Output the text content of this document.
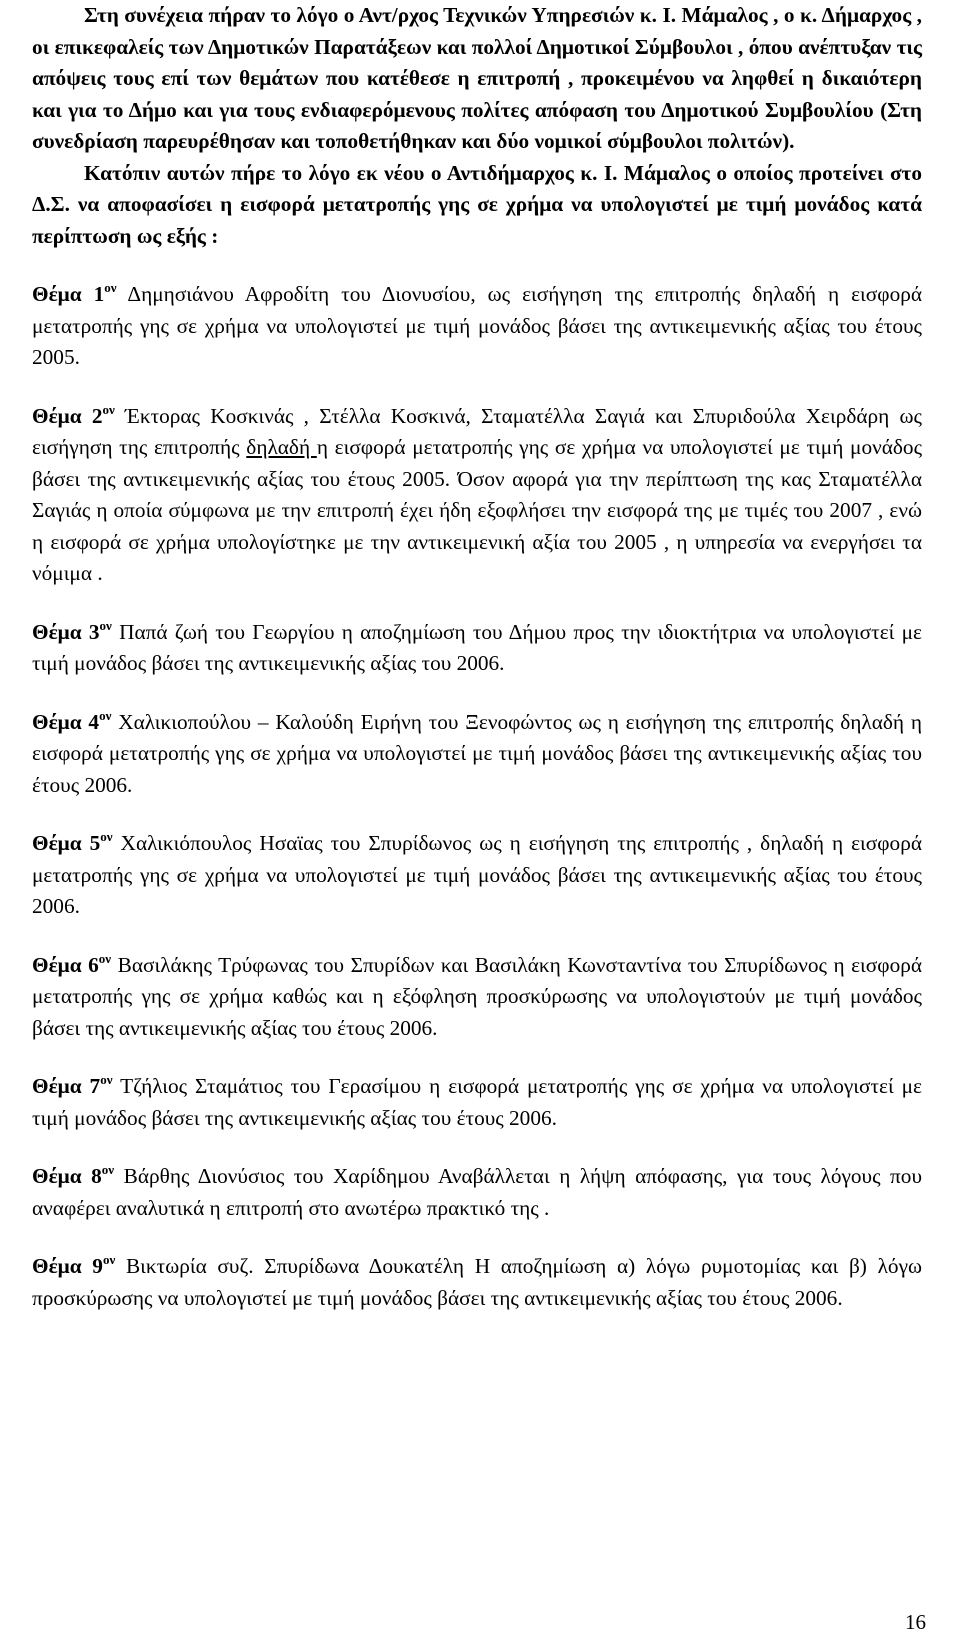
Στη συνέχεια πήραν το λόγο ο Αντ/ρχος Τεχνικών Υπηρεσιών κ. Ι. Μάμαλος , ο κ. Δήμαρχος , οι επικεφαλείς των Δημοτικών Παρατάξεων και πολλοί Δημοτικοί Σύμβουλοι , όπου ανέπτυξαν τις απόψεις τους επί των θεμάτων που κατέθεσε η επιτροπή , προκειμένου να ληφθεί η δικαιότερη και για το Δήμο και για τους ενδιαφερόμενους πολίτες απόφαση του Δημοτικού Συμβουλίου (Στη συνεδρίαση παρευρέθησαν και τοποθετήθηκαν και δύο νομικοί σύμβουλοι πολιτών).

Κατόπιν αυτών πήρε το λόγο εκ νέου ο Αντιδήμαρχος κ. Ι. Μάμαλος ο οποίος προτείνει στο Δ.Σ. να αποφασίσει η εισφορά μετατροπής γης σε χρήμα να υπολογιστεί με τιμή μονάδος κατά περίπτωση ως εξής :

Θέμα $1^{o\nu}$ Δημησιάνου Αφροδίτη του Διονυσίου, ως εισήγηση της επιτροπής δηλαδή η εισφορά μετατροπής γης σε χρήμα να υπολογιστεί με τιμή μονάδος βάσει της αντικειμενικής αξίας του έτους 2005.

Θέμα $2^{o\nu}$ Έκτορας Κοσκινάς , Στέλλα Κοσκινά, Σταματέλλα Σαγιά και Σπυριδούλα Χειρδάρη ως εισήγηση της επιτροπής δηλαδή η εισφορά μετατροπής γης σε χρήμα να υπολογιστεί με τιμή μονάδος βάσει της αντικειμενικής αξίας του έτους 2005. Όσον αφορά για την περίπτωση της κας Σταματέλλα Σαγιάς η οποία σύμφωνα με την επιτροπή έχει ήδη εξοφλήσει την εισφορά της με τιμές του 2007 , ενώ η εισφορά σε χρήμα υπολογίστηκε με την αντικειμενική αξία του 2005 , η υπηρεσία να ενεργήσει τα νόμιμα .

Θέμα $3^{o\nu}$ Παπά ζωή του Γεωργίου η αποζημίωση του Δήμου προς την ιδιοκτήτρια να υπολογιστεί με τιμή μονάδος βάσει της αντικειμενικής αξίας του 2006.

Θέμα $4^{o\nu}$ Χαλικιοπούλου – Καλούδη Ειρήνη του Ξενοφώντος ως η εισήγηση της επιτροπής δηλαδή η εισφορά μετατροπής γης σε χρήμα να υπολογιστεί με τιμή μονάδος βάσει της αντικειμενικής αξίας του έτους 2006.

Θέμα $5^{o\nu}$ Χαλικιόπουλος Ησαϊας του Σπυρίδωνος ως η εισήγηση της επιτροπής , δηλαδή η εισφορά μετατροπής γης σε χρήμα να υπολογιστεί με τιμή μονάδος βάσει της αντικειμενικής αξίας του έτους 2006.

Θέμα $6^{o\nu}$ Βασιλάκης Τρύφωνας του Σπυρίδων και Βασιλάκη Κωνσταντίνα του Σπυρίδωνος η εισφορά μετατροπής γης σε χρήμα καθώς και η εξόφληση προσκύρωσης να υπολογιστούν με τιμή μονάδος βάσει της αντικειμενικής αξίας του έτους 2006.

Θέμα $7^{o\nu}$ Τζήλιος Σταμάτιος του Γερασίμου η εισφορά μετατροπής γης σε χρήμα να υπολογιστεί με τιμή μονάδος βάσει της αντικειμενικής αξίας του έτους 2006.

Θέμα $8^{o\nu}$ Βάρθης Διονύσιος του Χαρίδημου Αναβάλλεται η λήψη απόφασης, για τους λόγους που αναφέρει αναλυτικά η επιτροπή στο ανωτέρω πρακτικό της .

Θέμα $9^{o\nu}$ Βικτωρία συζ. Σπυρίδωνα Δουκατέλη Η αποζημίωση α) λόγω ρυμοτομίας και β) λόγω προσκύρωσης να υπολογιστεί με τιμή μονάδος βάσει της αντικειμενικής αξίας του έτους 2006.

16
